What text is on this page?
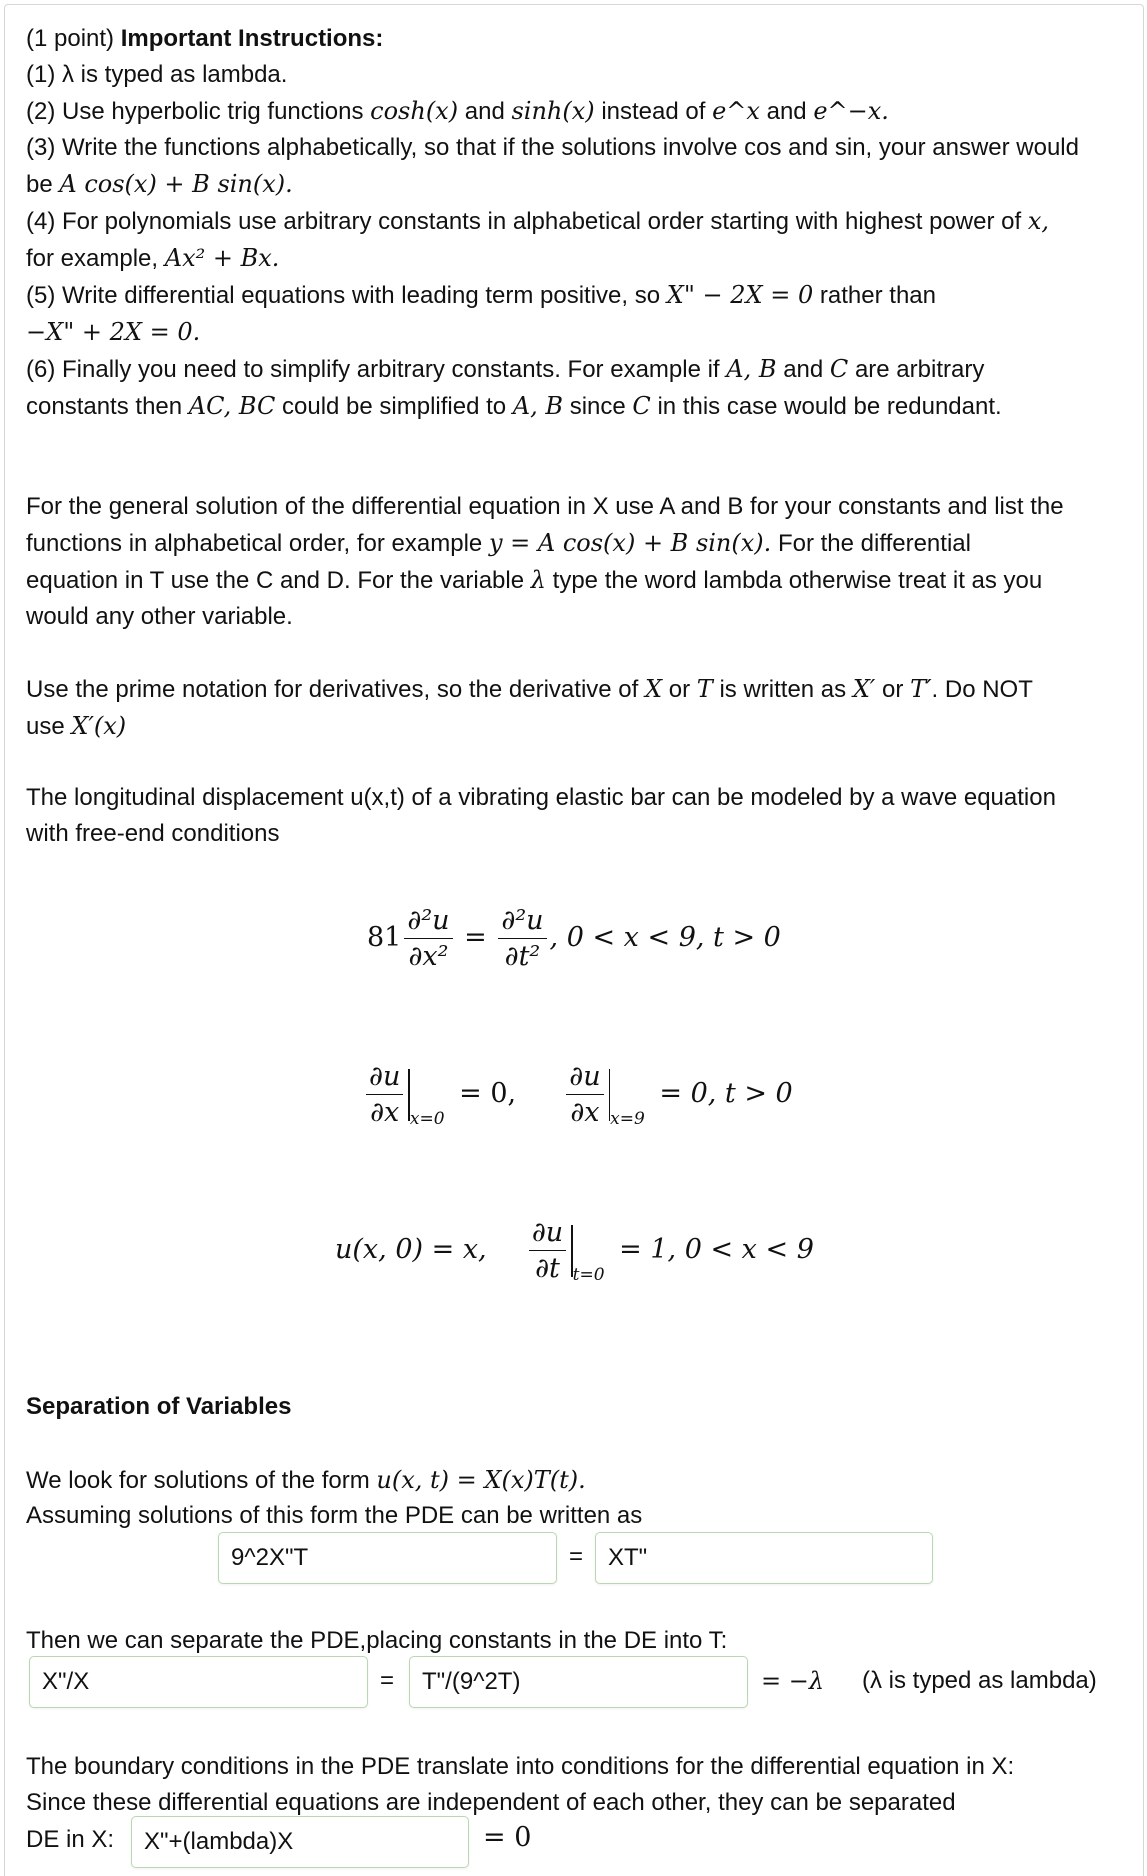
(1 point) Important Instructions:
(1) λ is typed as lambda.
(2) Use hyperbolic trig functions cosh(x) and sinh(x) instead of e^x and e^−x.
(3) Write the functions alphabetically, so that if the solutions involve cos and sin, your answer would
be A cos(x) + B sin(x).
(4) For polynomials use arbitrary constants in alphabetical order starting with highest power of x,
for example, Ax² + Bx.
(5) Write differential equations with leading term positive, so X" − 2X = 0 rather than
−X" + 2X = 0.
(6) Finally you need to simplify arbitrary constants. For example if A, B and C are arbitrary
constants then AC, BC could be simplified to A, B since C in this case would be redundant.
For the general solution of the differential equation in X use A and B for your constants and list the
functions in alphabetical order, for example y = A cos(x) + B sin(x). For the differential
equation in T use the C and D. For the variable λ type the word lambda otherwise treat it as you
would any other variable.
Use the prime notation for derivatives, so the derivative of X or T is written as X′ or T′. Do NOT
use X′(x)
The longitudinal displacement u(x,t) of a vibrating elastic bar can be modeled by a wave equation
with free-end conditions
$81 \frac{\text{∂²u}}{\text{∂x²}} = \frac{\text{∂²u}}{\text{∂t²}}$ , 0 < x < 9, t > 0
$\frac{\partial u}{\partial x} x=0 = 0$, $\frac{\partial u}{\partial x} x=9 = 0$, t > 0
u(x, 0) = x, $\frac{\partial u}{\partial t} t=0 = 1$, 0 < x < 9
Separation of Variables
We look for solutions of the form u(x, t) = X(x)T(t).
Assuming solutions of this form the PDE can be written as
9^2X"T	=	XT"
Then we can separate the PDE,placing constants in the DE into T:
X"/X	=	T"/(9^2T)	= −λ (λ is typed as lambda)
The boundary conditions in the PDE translate into conditions for the differential equation in X:
Since these differential equations are independent of each other, they can be separated
DE in X:	X"+(lambda)X	= 0
